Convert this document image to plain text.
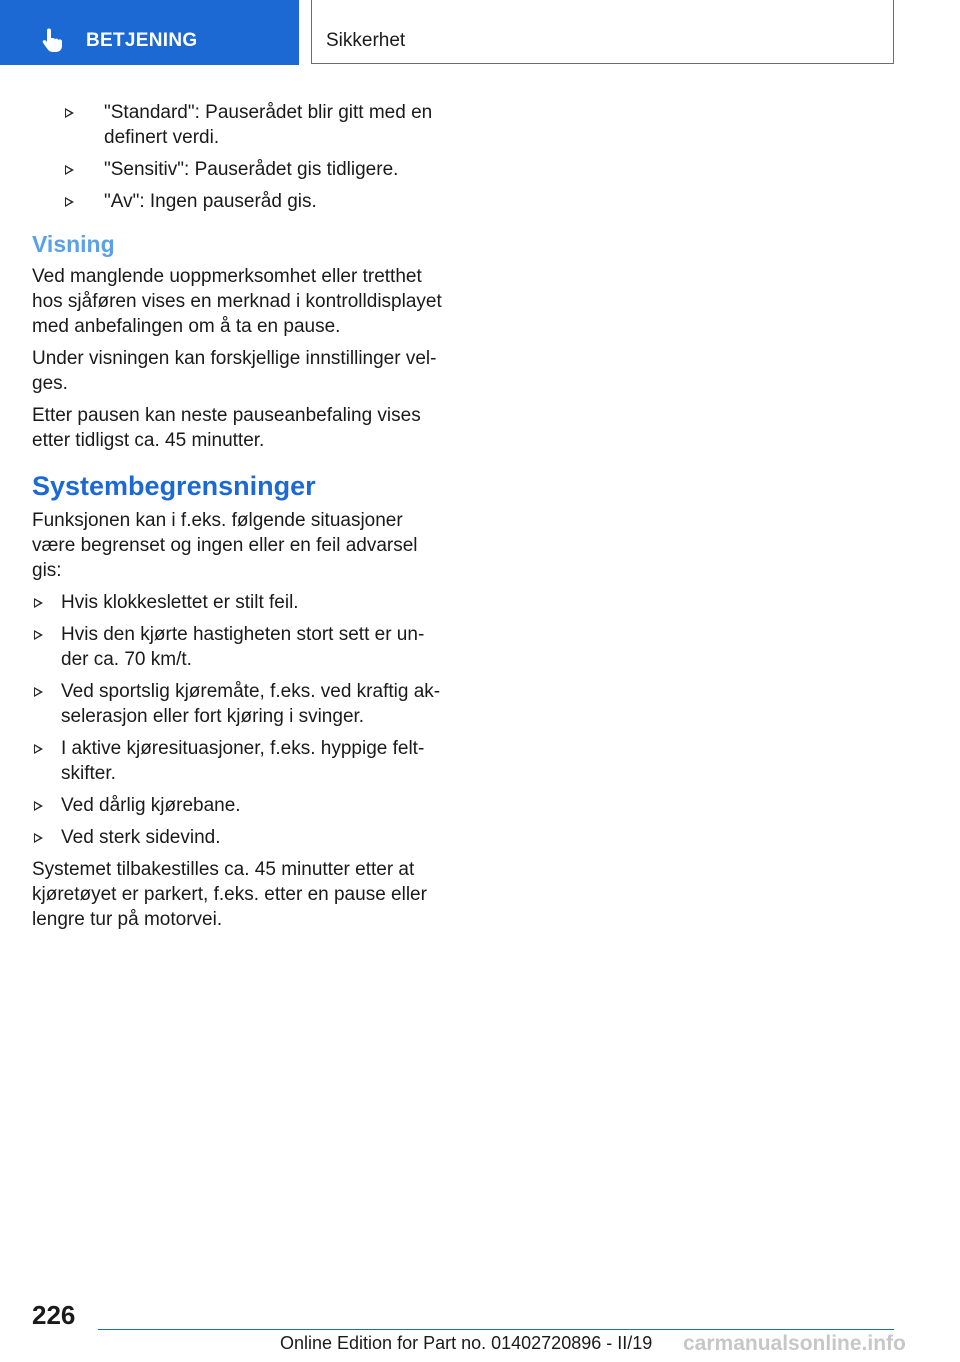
BETJENING	Sikkerhet
"Standard": Pauserådet blir gitt med en definert verdi.
"Sensitiv": Pauserådet gis tidligere.
"Av": Ingen pauseråd gis.
Visning

Ved manglende uoppmerksomhet eller tretthet hos sjåføren vises en merknad i kontrolldisplayet med anbefalingen om å ta en pause.

Under visningen kan forskjellige innstillinger velges.

Etter pausen kan neste pauseanbefaling vises etter tidligst ca. 45 minutter.

Systembegrensninger

Funksjonen kan i f.eks. følgende situasjoner være begrenset og ingen eller en feil advarsel gis:

Hvis klokkeslettet er stilt feil.
Hvis den kjørte hastigheten stort sett er under ca. 70 km/t.
Ved sportslig kjøremåte, f.eks. ved kraftig akselerasjon eller fort kjøring i svinger.
I aktive kjøresituasjoner, f.eks. hyppige feltskifter.
Ved dårlig kjørebane.
Ved sterk sidevind.

Systemet tilbakestilles ca. 45 minutter etter at kjøretøyet er parkert, f.eks. etter en pause eller lengre tur på motorvei.

226
Online Edition for Part no. 01402720896 - II/19 carmanualsonline.info
